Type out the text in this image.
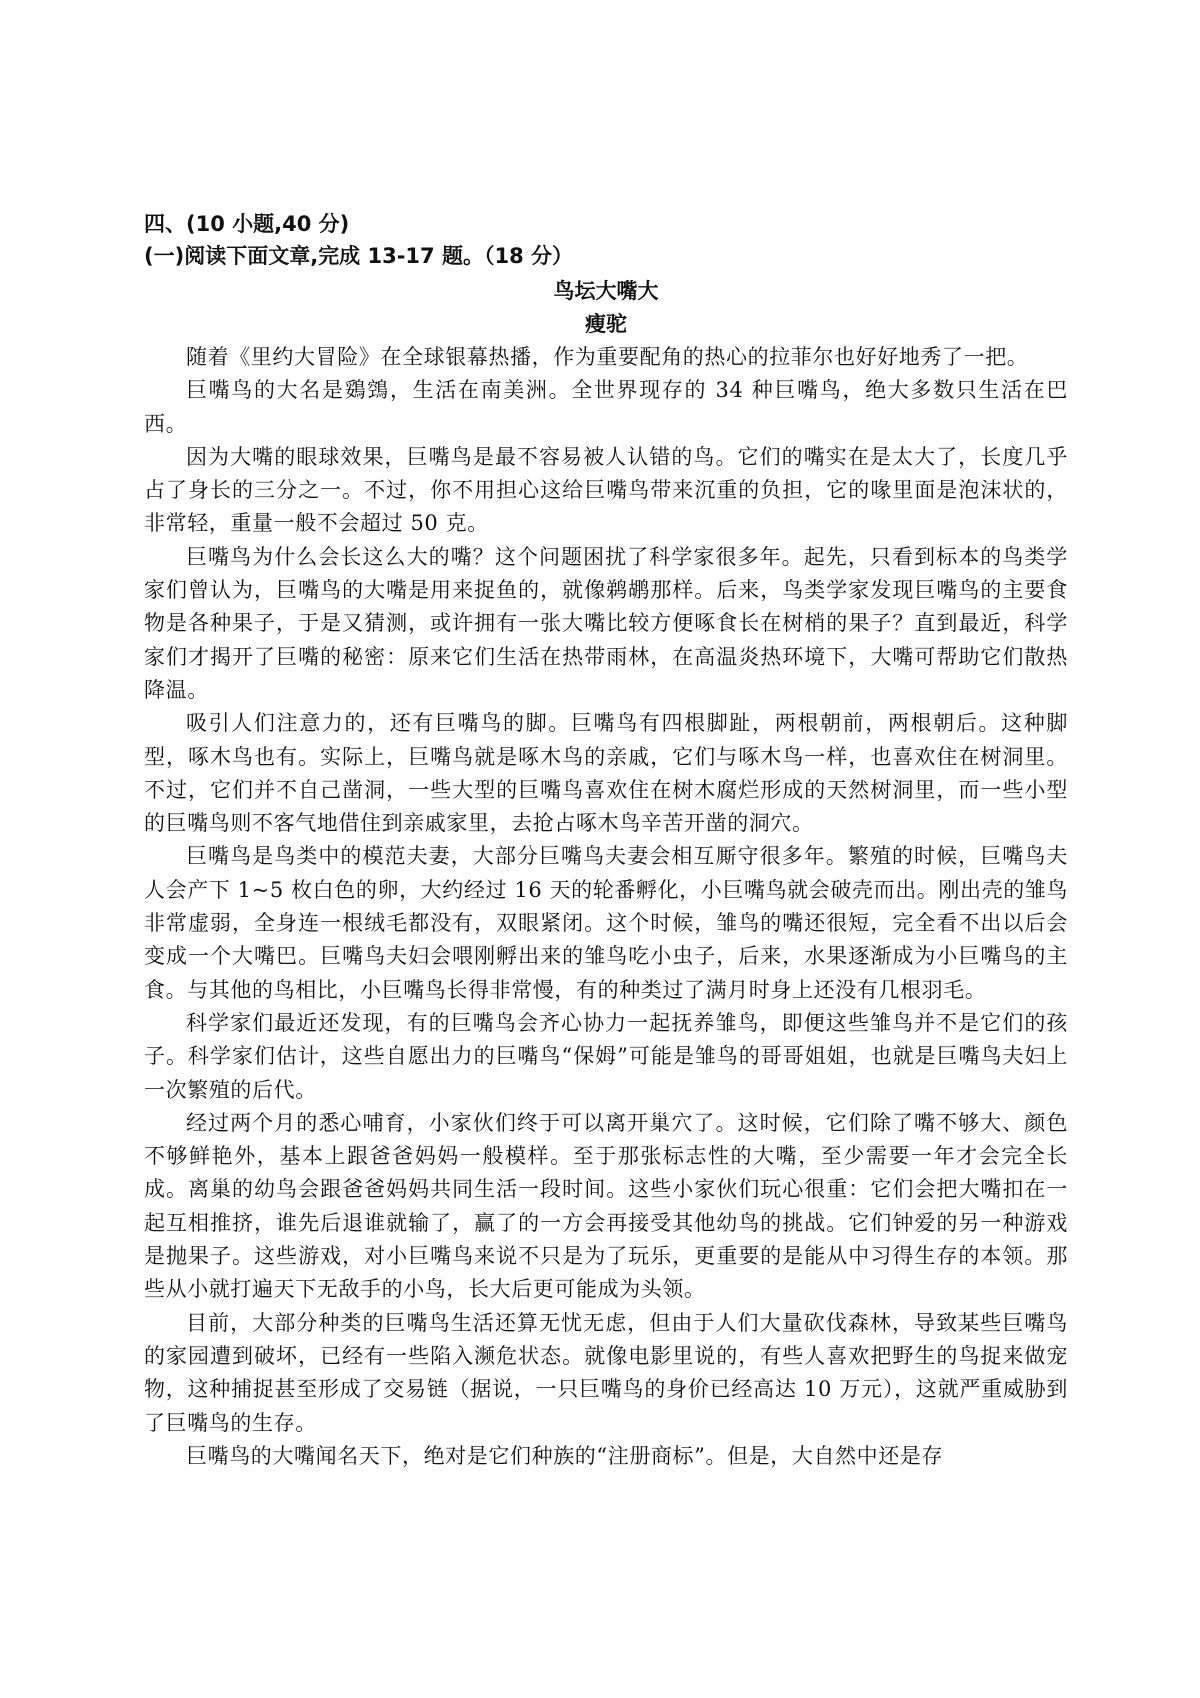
四、(10 小题,40 分)

(一)阅读下面文章,完成 13-17 题。（18 分）

鸟坛大嘴大
瘦驼

随着《里约大冒险》在全球银幕热播，作为重要配角的热心的拉菲尔也好好地秀了一把。

巨嘴鸟的大名是鵎鵼，生活在南美洲。全世界现存的 34 种巨嘴鸟，绝大多数只生活在巴西。

因为大嘴的眼球效果，巨嘴鸟是最不容易被人认错的鸟。它们的嘴实在是太大了，长度几乎占了身长的三分之一。不过，你不用担心这给巨嘴鸟带来沉重的负担，它的喙里面是泡沫状的，非常轻，重量一般不会超过 50 克。

巨嘴鸟为什么会长这么大的嘴？这个问题困扰了科学家很多年。起先，只看到标本的鸟类学家们曾认为，巨嘴鸟的大嘴是用来捉鱼的，就像鹈鹕那样。后来，鸟类学家发现巨嘴鸟的主要食物是各种果子，于是又猜测，或许拥有一张大嘴比较方便啄食长在树梢的果子？直到最近，科学家们才揭开了巨嘴的秘密：原来它们生活在热带雨林，在高温炎热环境下，大嘴可帮助它们散热降温。

吸引人们注意力的，还有巨嘴鸟的脚。巨嘴鸟有四根脚趾，两根朝前，两根朝后。这种脚型，啄木鸟也有。实际上，巨嘴鸟就是啄木鸟的亲戚，它们与啄木鸟一样，也喜欢住在树洞里。不过，它们并不自己凿洞，一些大型的巨嘴鸟喜欢住在树木腐烂形成的天然树洞里，而一些小型的巨嘴鸟则不客气地借住到亲戚家里，去抢占啄木鸟辛苦开凿的洞穴。

巨嘴鸟是鸟类中的模范夫妻，大部分巨嘴鸟夫妻会相互厮守很多年。繁殖的时候，巨嘴鸟夫人会产下 1~5 枚白色的卵，大约经过 16 天的轮番孵化，小巨嘴鸟就会破壳而出。刚出壳的雏鸟非常虚弱，全身连一根绒毛都没有，双眼紧闭。这个时候，雏鸟的嘴还很短，完全看不出以后会变成一个大嘴巴。巨嘴鸟夫妇会喂刚孵出来的雏鸟吃小虫子，后来，水果逐渐成为小巨嘴鸟的主食。与其他的鸟相比，小巨嘴鸟长得非常慢，有的种类过了满月时身上还没有几根羽毛。

科学家们最近还发现，有的巨嘴鸟会齐心协力一起抚养雏鸟，即便这些雏鸟并不是它们的孩子。科学家们估计，这些自愿出力的巨嘴鸟“保姆”可能是雏鸟的哥哥姐姐，也就是巨嘴鸟夫妇上一次繁殖的后代。

经过两个月的悉心哺育，小家伙们终于可以离开巢穴了。这时候，它们除了嘴不够大、颜色不够鲜艳外，基本上跟爸爸妈妈一般模样。至于那张标志性的大嘴，至少需要一年才会完全长成。离巢的幼鸟会跟爸爸妈妈共同生活一段时间。这些小家伙们玩心很重：它们会把大嘴扣在一起互相推挤，谁先后退谁就输了，赢了的一方会再接受其他幼鸟的挑战。它们钟爱的另一种游戏是抛果子。这些游戏，对小巨嘴鸟来说不只是为了玩乐，更重要的是能从中习得生存的本领。那些从小就打遍天下无敌手的小鸟，长大后更可能成为头领。

目前，大部分种类的巨嘴鸟生活还算无忧无虑，但由于人们大量砍伐森林，导致某些巨嘴鸟的家园遭到破坏，已经有一些陷入濒危状态。就像电影里说的，有些人喜欢把野生的鸟捉来做宠物，这种捕捉甚至形成了交易链（据说，一只巨嘴鸟的身价已经高达 10 万元），这就严重威胁到了巨嘴鸟的生存。

巨嘴鸟的大嘴闻名天下，绝对是它们种族的“注册商标”。但是，大自然中还是存
